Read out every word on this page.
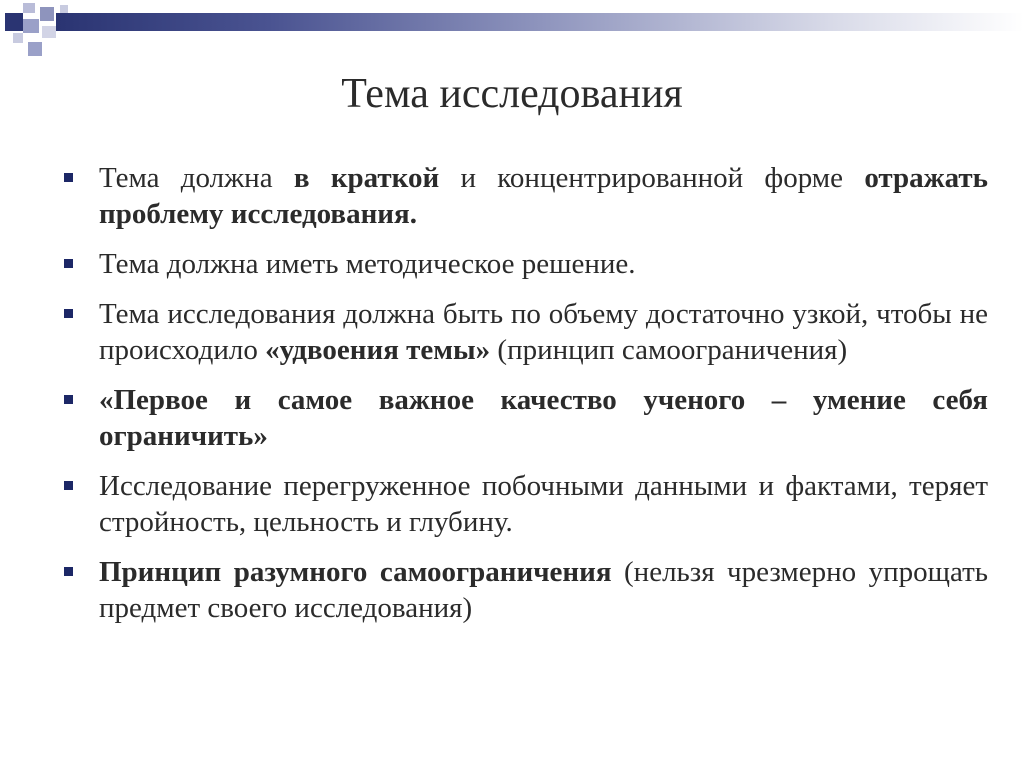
Тема исследования
Тема должна в краткой и концентрированной форме отражать проблему исследования.
Тема должна иметь методическое решение.
Тема исследования должна быть по объему достаточно узкой, чтобы не происходило «удвоения темы» (принцип самоограничения)
«Первое и самое важное качество ученого – умение себя ограничить»
Исследование перегруженное побочными данными и фактами, теряет стройность, цельность и глубину.
Принцип разумного самоограничения (нельзя чрезмерно упрощать предмет своего исследования)
